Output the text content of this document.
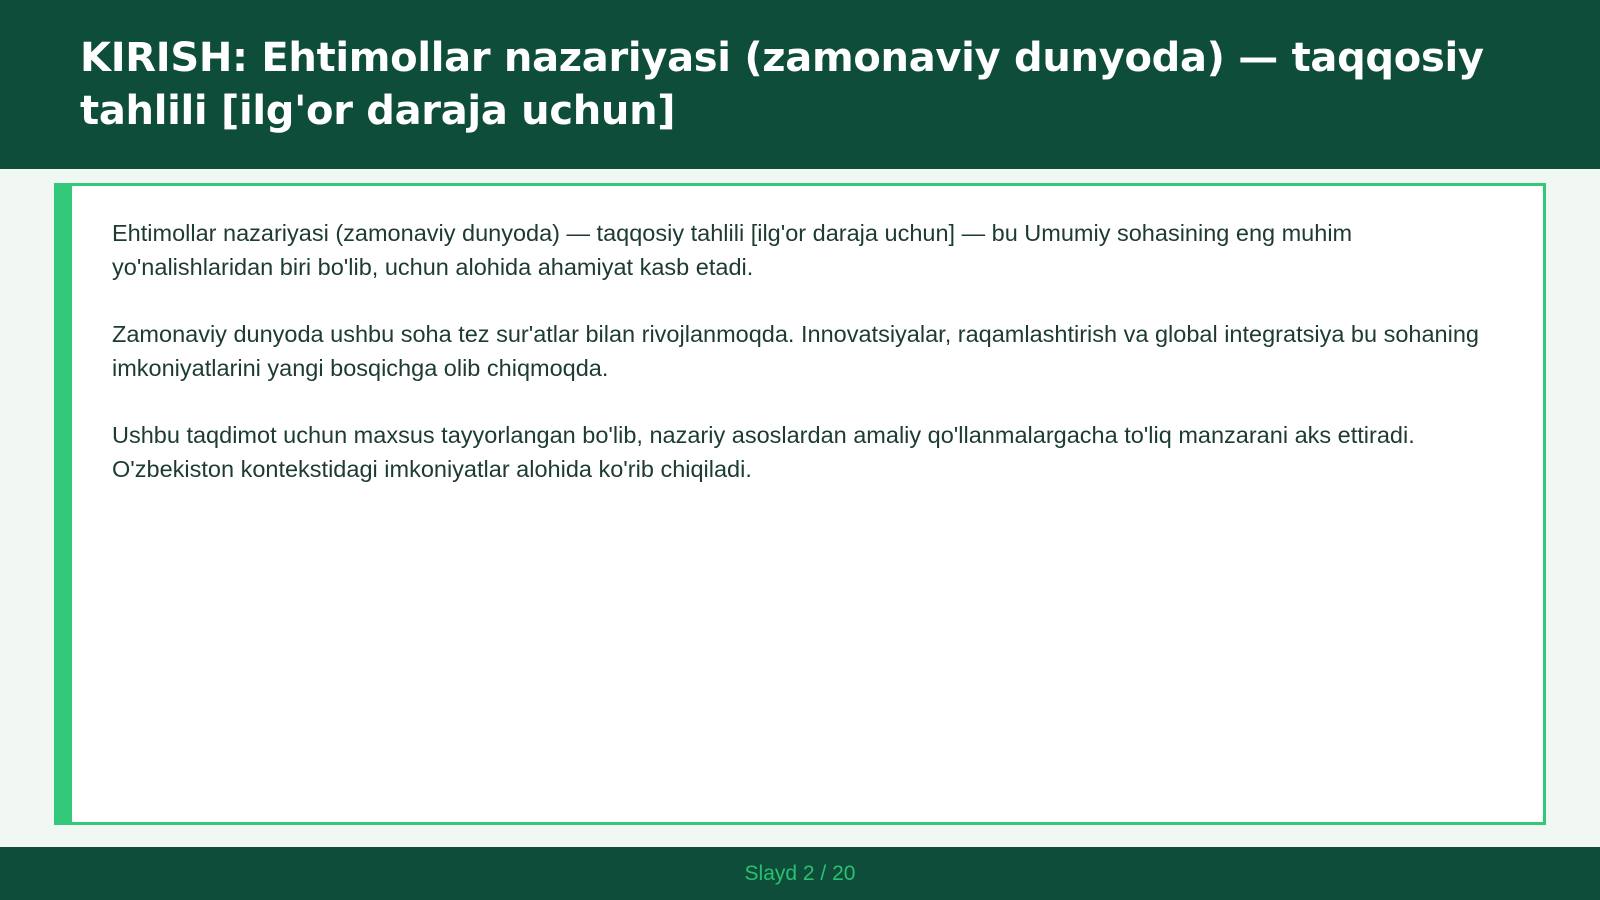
KIRISH: Ehtimollar nazariyasi (zamonaviy dunyoda) — taqqosiy tahlili [ilg'or daraja uchun]

Ehtimollar nazariyasi (zamonaviy dunyoda) — taqqosiy tahlili [ilg'or daraja uchun] — bu Umumiy sohasining eng muhim yo'nalishlaridan biri bo'lib, uchun alohida ahamiyat kasb etadi.

Zamonaviy dunyoda ushbu soha tez sur'atlar bilan rivojlanmoqda. Innovatsiyalar, raqamlashtirish va global integratsiya bu sohaning imkoniyatlarini yangi bosqichga olib chiqmoqda.

Ushbu taqdimot uchun maxsus tayyorlangan bo'lib, nazariy asoslardan amaliy qo'llanmalargacha to'liq manzarani aks ettiradi. O'zbekiston kontekstidagi imkoniyatlar alohida ko'rib chiqiladi.

Slayd 2 / 20
